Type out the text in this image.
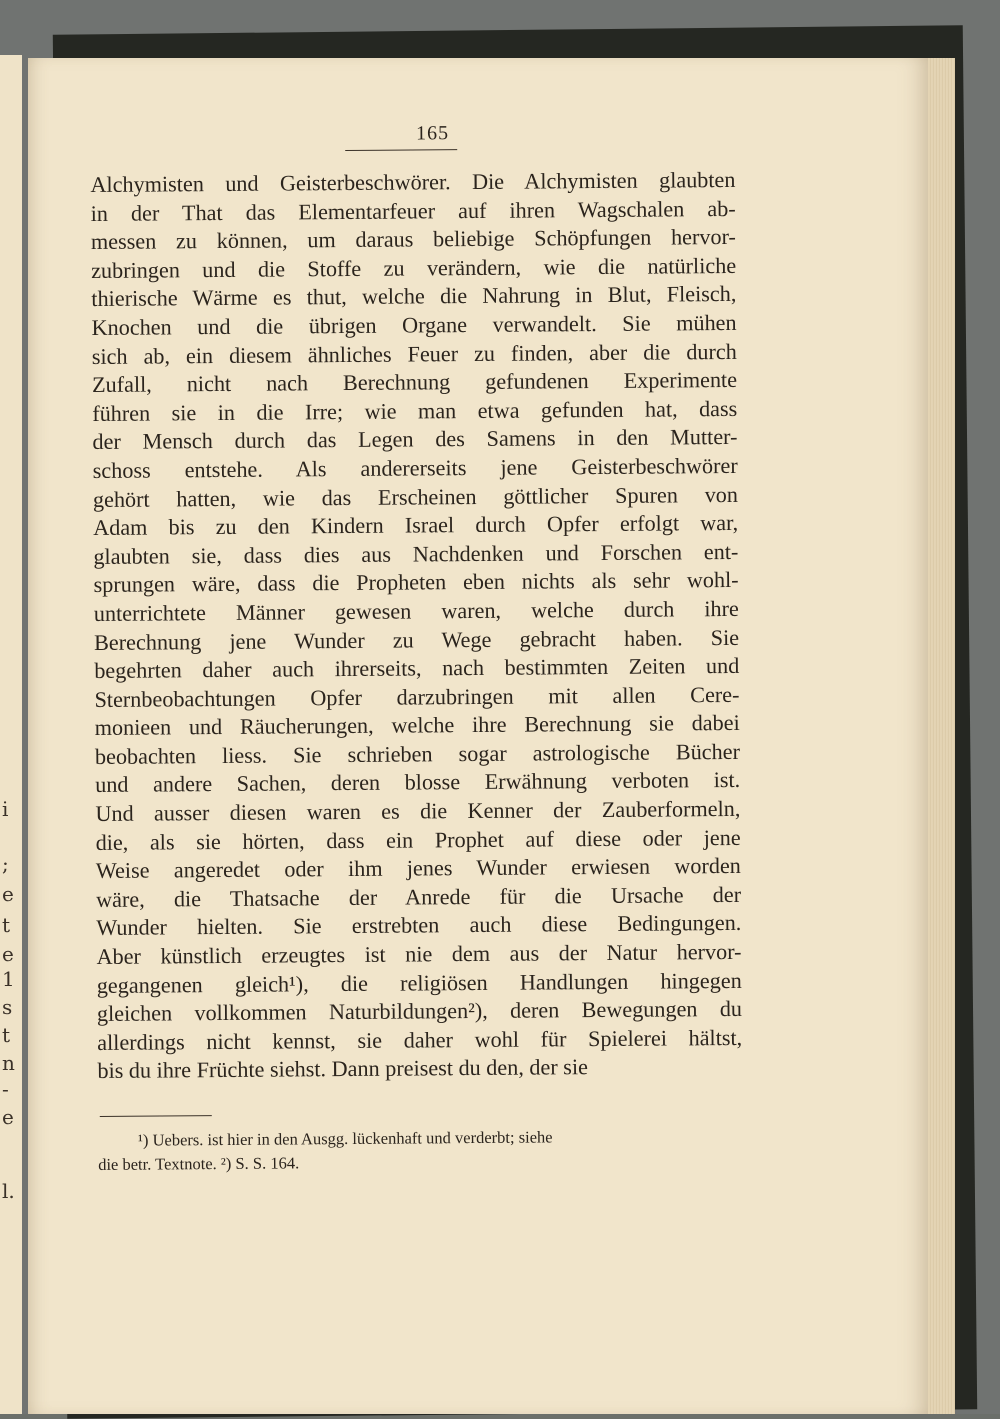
i
;
e
t
e
1
s
t
n
-
e
l.
165
Alchymisten und Geisterbeschwörer. Die Alchymisten glaubten
in der That das Elementarfeuer auf ihren Wagschalen ab-
messen zu können, um daraus beliebige Schöpfungen hervor-
zubringen und die Stoffe zu verändern, wie die natürliche
thierische Wärme es thut, welche die Nahrung in Blut, Fleisch,
Knochen und die übrigen Organe verwandelt. Sie mühen
sich ab, ein diesem ähnliches Feuer zu finden, aber die durch
Zufall, nicht nach Berechnung gefundenen Experimente
führen sie in die Irre; wie man etwa gefunden hat, dass
der Mensch durch das Legen des Samens in den Mutter-
schoss entstehe. Als andererseits jene Geisterbeschwörer
gehört hatten, wie das Erscheinen göttlicher Spuren von
Adam bis zu den Kindern Israel durch Opfer erfolgt war,
glaubten sie, dass dies aus Nachdenken und Forschen ent-
sprungen wäre, dass die Propheten eben nichts als sehr wohl-
unterrichtete Männer gewesen waren, welche durch ihre
Berechnung jene Wunder zu Wege gebracht haben. Sie
begehrten daher auch ihrerseits, nach bestimmten Zeiten und
Sternbeobachtungen Opfer darzubringen mit allen Cere-
monieen und Räucherungen, welche ihre Berechnung sie dabei
beobachten liess. Sie schrieben sogar astrologische Bücher
und andere Sachen, deren blosse Erwähnung verboten ist.
Und ausser diesen waren es die Kenner der Zauberformeln,
die, als sie hörten, dass ein Prophet auf diese oder jene
Weise angeredet oder ihm jenes Wunder erwiesen worden
wäre, die Thatsache der Anrede für die Ursache der
Wunder hielten. Sie erstrebten auch diese Bedingungen.
Aber künstlich erzeugtes ist nie dem aus der Natur hervor-
gegangenen gleich¹), die religiösen Handlungen hingegen
gleichen vollkommen Naturbildungen²), deren Bewegungen du
allerdings nicht kennst, sie daher wohl für Spielerei hältst,
bis du ihre Früchte siehst. Dann preisest du den, der sie
¹) Uebers. ist hier in den Ausgg. lückenhaft und verderbt; siehe
die betr. Textnote. ²) S. S. 164.
